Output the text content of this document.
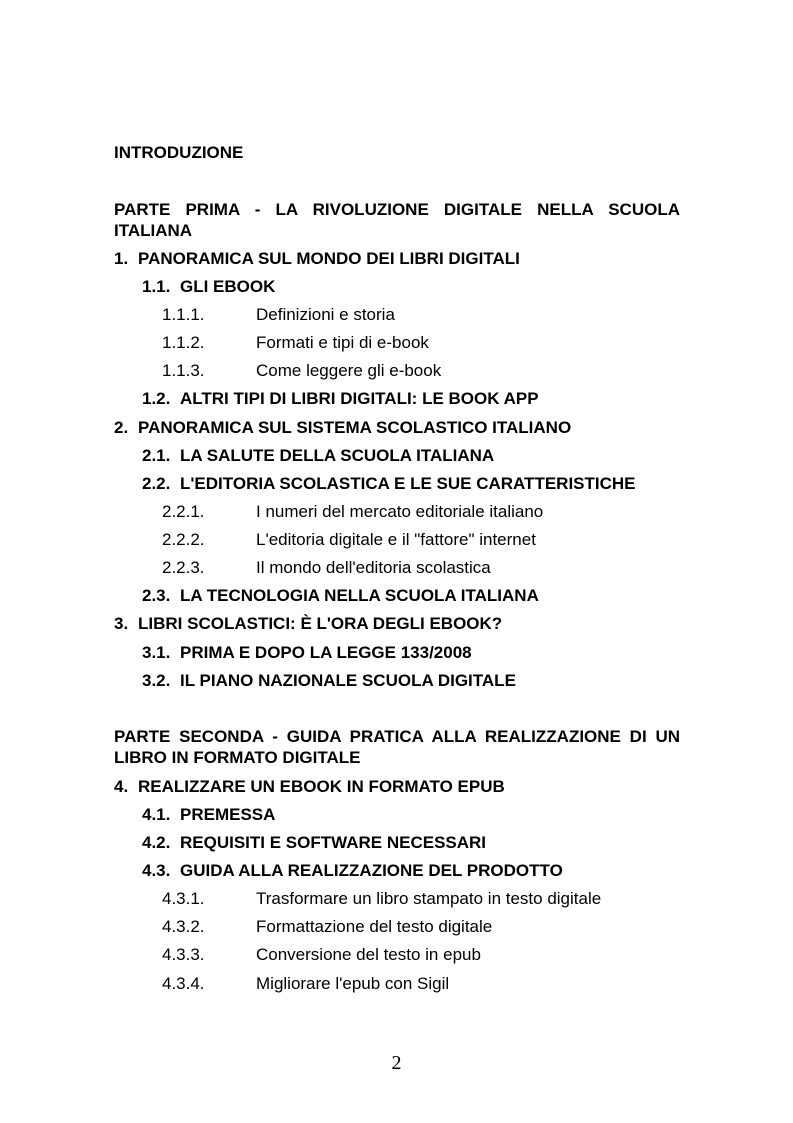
INTRODUZIONE
PARTE PRIMA - LA RIVOLUZIONE DIGITALE NELLA SCUOLA ITALIANA
1. PANORAMICA SUL MONDO DEI LIBRI DIGITALI
1.1. GLI EBOOK
1.1.1.	Definizioni e storia
1.1.2.	Formati e tipi di e-book
1.1.3.	Come leggere gli e-book
1.2. ALTRI TIPI DI LIBRI DIGITALI: LE BOOK APP
2. PANORAMICA SUL SISTEMA SCOLASTICO ITALIANO
2.1. LA SALUTE DELLA SCUOLA ITALIANA
2.2. L'EDITORIA SCOLASTICA E LE SUE CARATTERISTICHE
2.2.1.	I numeri del mercato editoriale italiano
2.2.2.	L'editoria digitale e il "fattore" internet
2.2.3.	Il mondo dell'editoria scolastica
2.3. LA TECNOLOGIA NELLA SCUOLA ITALIANA
3. LIBRI SCOLASTICI: È L'ORA DEGLI EBOOK?
3.1. PRIMA E DOPO LA LEGGE 133/2008
3.2. IL PIANO NAZIONALE SCUOLA DIGITALE
PARTE SECONDA - GUIDA PRATICA ALLA REALIZZAZIONE DI UN LIBRO IN FORMATO DIGITALE
4. REALIZZARE UN EBOOK IN FORMATO EPUB
4.1. PREMESSA
4.2. REQUISITI E SOFTWARE NECESSARI
4.3. GUIDA ALLA REALIZZAZIONE DEL PRODOTTO
4.3.1.	Trasformare un libro stampato in testo digitale
4.3.2.	Formattazione del testo digitale
4.3.3.	Conversione del testo in epub
4.3.4.	Migliorare l'epub con Sigil
2
